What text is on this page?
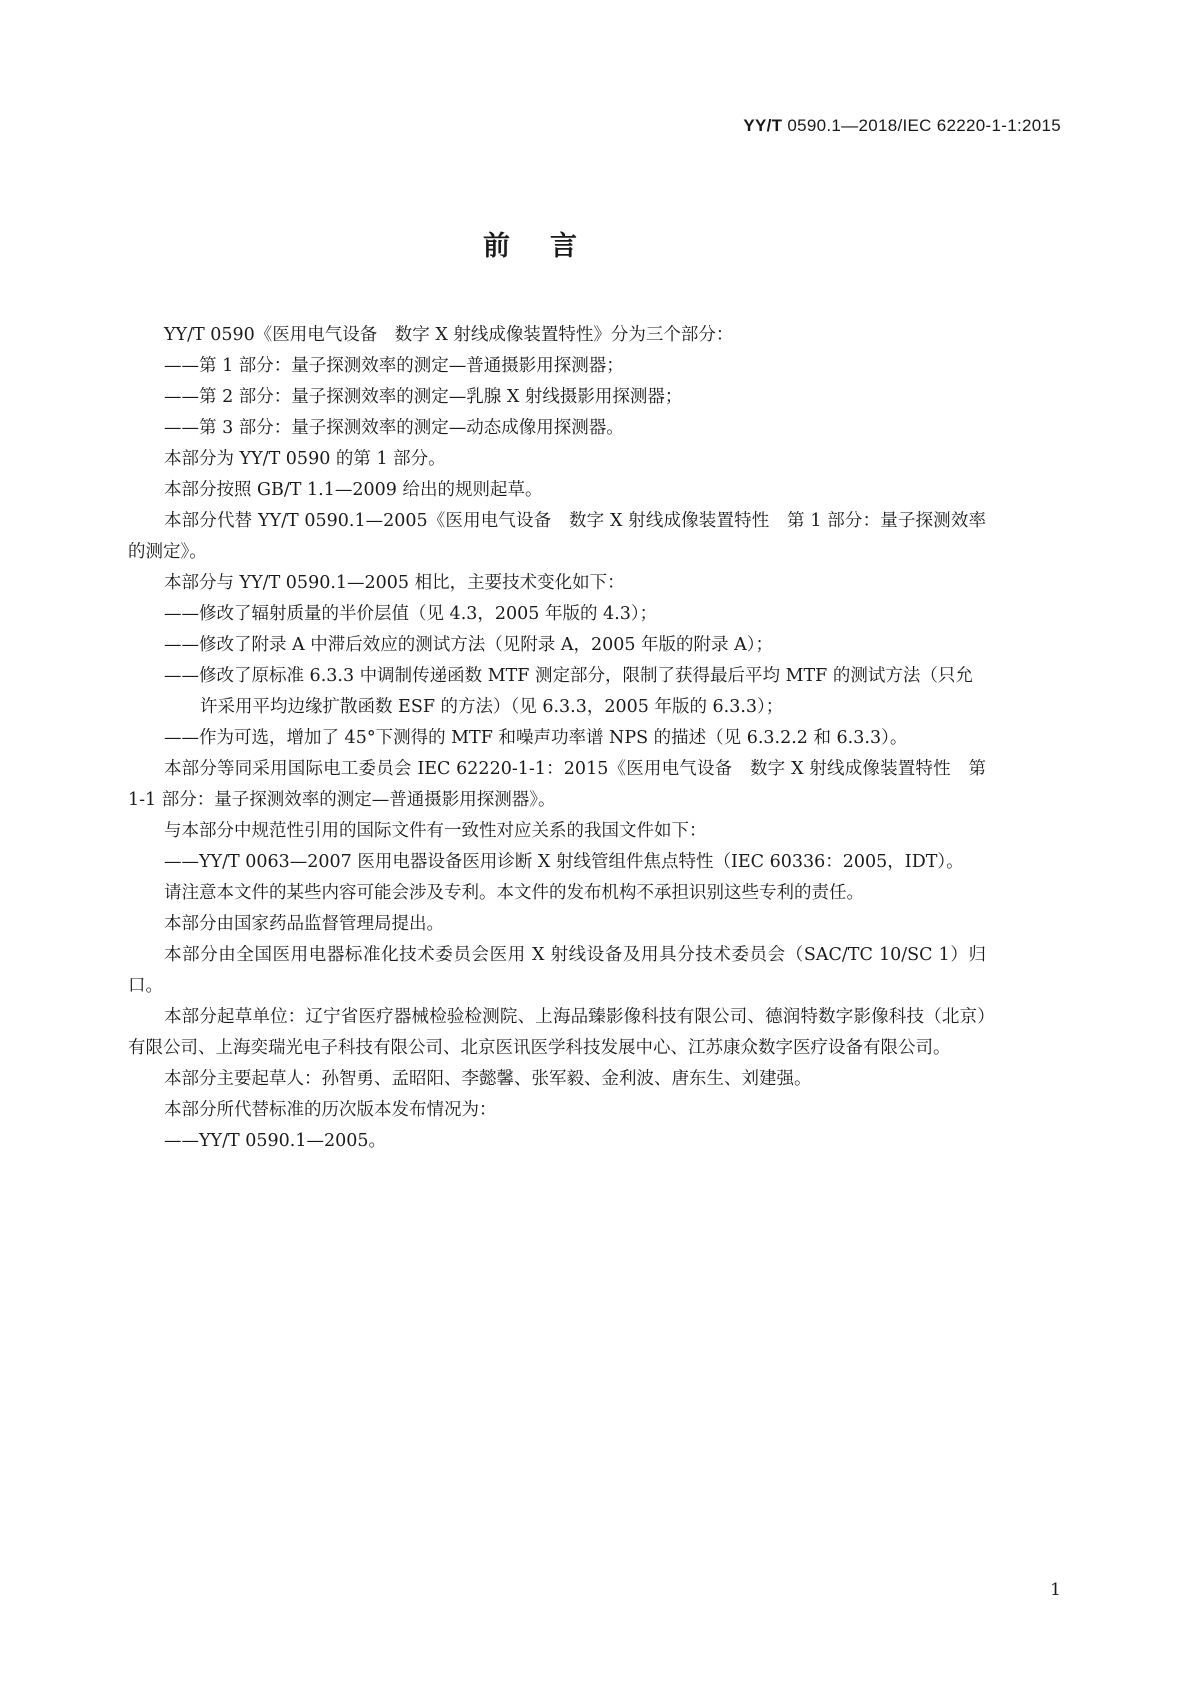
YY/T 0590.1—2018/IEC 62220-1-1:2015
前言

YY/T 0590《医用电气设备　数字 X 射线成像装置特性》分为三个部分：

——第 1 部分：量子探测效率的测定—普通摄影用探测器；

——第 2 部分：量子探测效率的测定—乳腺 X 射线摄影用探测器；

——第 3 部分：量子探测效率的测定—动态成像用探测器。

本部分为 YY/T 0590 的第 1 部分。

本部分按照 GB/T 1.1—2009 给出的规则起草。

本部分代替 YY/T 0590.1—2005《医用电气设备　数字 X 射线成像装置特性　第 1 部分：量子探测效率的测定》。

本部分与 YY/T 0590.1—2005 相比，主要技术变化如下：

——修改了辐射质量的半价层值（见 4.3，2005 年版的 4.3）；

——修改了附录 A 中滞后效应的测试方法（见附录 A，2005 年版的附录 A）；

——修改了原标准 6.3.3 中调制传递函数 MTF 测定部分，限制了获得最后平均 MTF 的测试方法（只允许采用平均边缘扩散函数 ESF 的方法）（见 6.3.3，2005 年版的 6.3.3）；

——作为可选，增加了 45°下测得的 MTF 和噪声功率谱 NPS 的描述（见 6.3.2.2 和 6.3.3）。

本部分等同采用国际电工委员会 IEC 62220-1-1：2015《医用电气设备　数字 X 射线成像装置特性　第 1-1 部分：量子探测效率的测定—普通摄影用探测器》。

与本部分中规范性引用的国际文件有一致性对应关系的我国文件如下：

——YY/T 0063—2007 医用电器设备医用诊断 X 射线管组件焦点特性（IEC 60336：2005，IDT）。

请注意本文件的某些内容可能会涉及专利。本文件的发布机构不承担识别这些专利的责任。

本部分由国家药品监督管理局提出。

本部分由全国医用电器标准化技术委员会医用 X 射线设备及用具分技术委员会（SAC/TC 10/SC 1）归口。

本部分起草单位：辽宁省医疗器械检验检测院、上海品臻影像科技有限公司、德润特数字影像科技（北京）有限公司、上海奕瑞光电子科技有限公司、北京医讯医学科技发展中心、江苏康众数字医疗设备有限公司。

本部分主要起草人：孙智勇、孟昭阳、李懿馨、张军毅、金利波、唐东生、刘建强。

本部分所代替标准的历次版本发布情况为：

——YY/T 0590.1—2005。

1
